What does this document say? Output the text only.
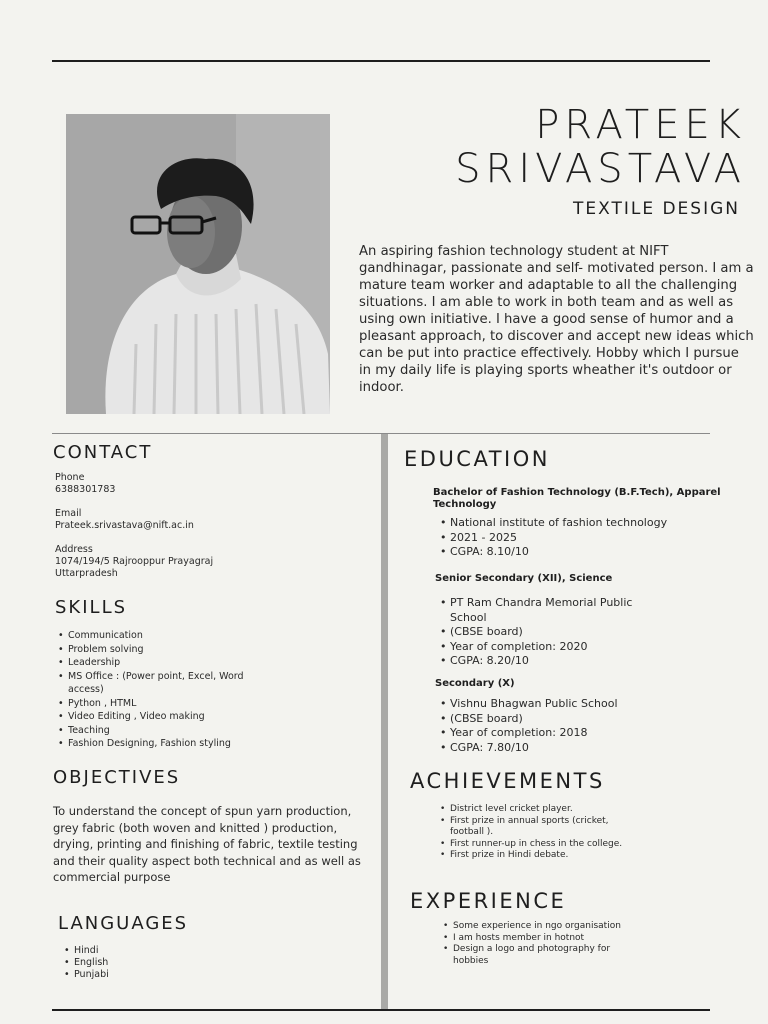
PRATEEK
SRIVASTAVA
TEXTILE DESIGN
An aspiring fashion technology student at NIFT gandhinagar, passionate and self- motivated person. I am a mature team worker and adaptable to all the challenging situations. I am able to work in both team and as well as using own initiative. I have a good sense of humor and a pleasant approach, to discover and accept new ideas which can be put into practice effectively. Hobby which I pursue in my daily life is playing sports wheather it's outdoor or indoor.
CONTACT
Phone
6388301783
Email
Prateek.srivastava@nift.ac.in
Address
1074/194/5 Rajrooppur Prayagraj
Uttarpradesh
SKILLS
• Communication
• Problem solving
• Leadership
• MS Office : (Power point, Excel, Word access)
• Python , HTML
• Video Editing , Video making
• Teaching
• Fashion Designing, Fashion styling
OBJECTIVES
To understand the concept of spun yarn production, grey fabric (both woven and knitted ) production, drying, printing and finishing of fabric, textile testing and their quality aspect both technical and as well as commercial purpose
LANGUAGES
• Hindi
• English
• Punjabi
EDUCATION
Bachelor of Fashion Technology (B.F.Tech), Apparel Technology
• National institute of fashion technology
• 2021 - 2025
• CGPA: 8.10/10
Senior Secondary (XII), Science
• PT Ram Chandra Memorial Public School
• (CBSE board)
• Year of completion: 2020
• CGPA: 8.20/10
Secondary (X)
• Vishnu Bhagwan Public School
• (CBSE board)
• Year of completion: 2018
• CGPA: 7.80/10
ACHIEVEMENTS
• District level cricket player.
• First prize in annual sports (cricket, football ).
• First runner-up in chess in the college.
• First prize in Hindi debate.
EXPERIENCE
• Some experience in ngo organisation
• I am hosts member in hotnot
• Design a logo and photography for hobbies
